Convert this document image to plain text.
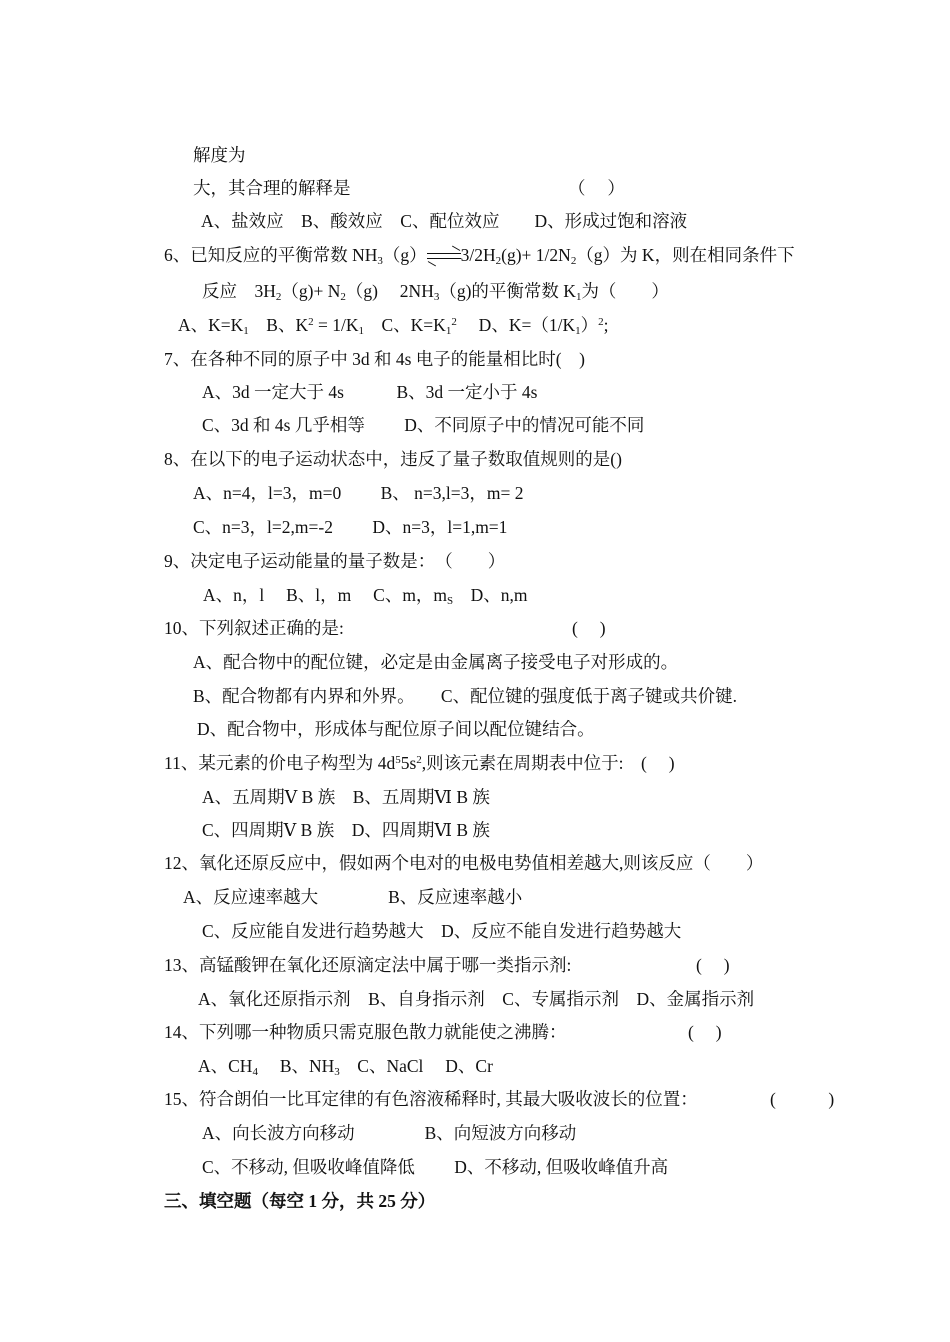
解度为
大，其合理的解释是	（　 ）
A、盐效应　B、酸效应　C、配位效应　　D、形成过饱和溶液
6、已知反应的平衡常数 $NH_3(g)\rightleftharpoons 3/2H_2(g)+ 1/2N_2(g)$为 K，则在相同条件下
反应　$3H_2(g)+ N_2(g)$　 $2NH_3(g)$的平衡常数 $K_1$为（　　）
A、$K=K_1$　B、$K^2 = 1/K_1$　C、$K=K_1^2$　 D、$K=(1/K_1)^2$;
7、在各种不同的原子中 3d 和 4s 电子的能量相比时(　)
A、3d 一定大于 4s　　　B、3d 一定小于 4s
C、3d 和 4s 几乎相等　　 D、不同原子中的情况可能不同
8、在以下的电子运动状态中，违反了量子数取值规则的是()
A、n=4，l=3，m=0　　 B、 n=3,l=3，m= 2
C、n=3，l=2,m=-2　　 D、n=3，l=1,m=1
9、决定电子运动能量的量子数是：　（　　）
A、n，l　 B、l，m　 C、m，$m_S$　D、n,m
10、下列叙述正确的是:	(　 )
A、配合物中的配位键，必定是由金属离子接受电子对形成的。
B、配合物都有内界和外界。　　C、配位键的强度低于离子键或共价键.
D、配合物中，形成体与配位原子间以配位键结合。
11、某元素的价电子构型为 $4d^55s^2$,则该元素在周期表中位于:　(　 )
A、五周期Ⅴ B 族　B、五周期Ⅵ B 族
C、四周期Ⅴ B 族　D、四周期Ⅵ B 族
12、氧化还原反应中，假如两个电对的电极电势值相差越大,则该反应（　　）
A、反应速率越大　　　　B、反应速率越小
C、反应能自发进行趋势越大　D、反应不能自发进行趋势越大
13、高锰酸钾在氧化还原滴定法中属于哪一类指示剂:	(　 )
A、氧化还原指示剂　B、自身指示剂　C、专属指示剂　D、金属指示剂
14、下列哪一种物质只需克服色散力就能使之沸腾：	(　 )
A、$CH_4$　 B、$NH_3$　C、NaCl　 D、Cr
15、符合朗伯一比耳定律的有色溶液稀释时, 其最大吸收波长的位置：	(　　　)
A、向长波方向移动　　　　B、向短波方向移动
C、不移动, 但吸收峰值降低　　 D、不移动, 但吸收峰值升高
三、填空题（每空 1 分，共 25 分）
